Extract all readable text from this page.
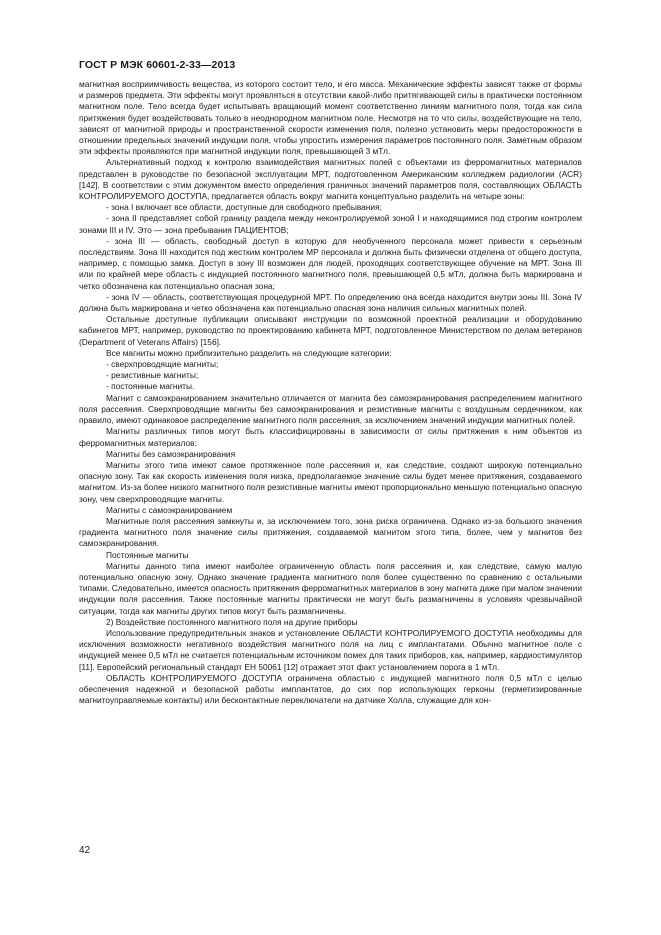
ГОСТ Р МЭК 60601-2-33—2013

магнитная восприимчивость вещества, из которого состоит тело, и его масса. Механические эффекты зависят также от формы и размеров предмета. Эти эффекты могут проявляться в отсутствии какой-либо притягивающей силы в практически постоянном магнитном поле. Тело всегда будет испытывать вращающий момент соответственно линиям магнитного поля, тогда как сила притяжения будет воздействовать только в неоднородном магнитном поле. Несмотря на то что силы, воздействующие на тело, зависят от магнитной природы и пространственной скорости изменения поля, полезно установить меры предосторожности в отношении предельных значений индукции поля, чтобы упростить измерения параметров постоянного поля. Заметным образом эти эффекты проявляются при магнитной индукции поля, превышающей 3 мТл.

Альтернативный подход к контролю взаимодействия магнитных полей с объектами из ферромагнитных материалов представлен в руководстве по безопасной эксплуатации МРТ, подготовленном Американским колледжем радиологии (ACR) [142]. В соответствии с этим документом вместо определения граничных значений параметров поля, составляющих ОБЛАСТЬ КОНТРОЛИРУЕМОГО ДОСТУПА, предлагается область вокруг магнита концептуально разделить на четыре зоны:

- зона I включает все области, доступные для свободного пребывания;

- зона II представляет собой границу раздела между неконтролируемой зоной I и находящимися под строгим контролем зонами III и IV. Это — зона пребывания ПАЦИЕНТОВ;

- зона III — область, свободный доступ в которую для необученного персонала может привести к серьезным последствиям. Зона III находится под жестким контролем МР персонала и должна быть физически отделена от общего доступа, например, с помощью замка. Доступ в зону III возможен для людей, проходящих соответствующее обучение на МРТ. Зона III или по крайней мере область с индукцией постоянного магнитного поля, превышающей 0,5 мТл, должна быть маркирована и четко обозначена как потенциально опасная зона;

- зона IV — область, соответствующая процедурной МРТ. По определению она всегда находится внутри зоны III. Зона IV должна быть маркирована и четко обозначена как потенциально опасная зона наличия сильных магнитных полей.

Остальные доступные публикации описывают инструкции по возможной проектной реализации и оборудованию кабинетов МРТ, например, руководство по проектированию кабинета МРТ, подготовленное Министерством по делам ветеранов (Department of Veterans Affairs) [156].

Все магниты можно приблизительно разделить на следующие категории:

- сверхпроводящие магниты;

- резистивные магниты;

- постоянные магниты.

Магнит с самоэкранированием значительно отличается от магнита без самоэкранирования распределением магнитного поля рассеяния. Сверхпроводящие магниты без самоэкранирования и резистивные магниты с воздушным сердечником, как правило, имеют одинаковое распределение магнитного поля рассеяния, за исключением значений индукции магнитных полей.

Магниты различных типов могут быть классифицированы в зависимости от силы притяжения к ним объектов из ферромагнитных материалов:

Магниты без самоэкранирования

Магниты этого типа имеют самое протяженное поле рассеяния и, как следствие, создают широкую потенциально опасную зону. Так как скорость изменения поля низка, предполагаемое значение силы будет менее притяжения, создаваемого магнитом. Из-за более низкого магнитного поля резистивные магниты имеют пропорционально меньшую потенциально опасную зону, чем сверхпроводящие магниты.

Магниты с самоэкранированием

Магнитные поля рассеяния замкнуты и, за исключением того, зона риска ограничена. Однако из-за большого значения градиента магнитного поля значение силы притяжения, создаваемой магнитом этого типа, более, чем у магнитов без самоэкранирования.

Постоянные магниты

Магниты данного типа имеют наиболее ограниченную область поля рассеяния и, как следствие, самую малую потенциально опасную зону. Однако значение градиента магнитного поля более существенно по сравнению с остальными типами. Следовательно, имеется опасность притяжения ферромагнитных материалов в зону магнита даже при малом значении индукции поля рассеяния. Также постоянные магниты практически не могут быть размагничены в условиях чрезвычайной ситуации, тогда как магниты других типов могут быть размагничены.

2) Воздействие постоянного магнитного поля на другие приборы

Использование предупредительных знаков и установление ОБЛАСТИ КОНТРОЛИРУЕМОГО ДОСТУПА необходимы для исключения возможности негативного воздействия магнитного поля на лиц с имплантатами. Обычно магнитное поле с индукцией менее 0,5 мТл не считается потенциальным источником помех для таких приборов, как, например, кардиостимулятор [11]. Европейский региональный стандарт ЕН 50061 [12] отражает этот факт установлением порога в 1 мТл.

ОБЛАСТЬ КОНТРОЛИРУЕМОГО ДОСТУПА ограничена областью с индукцией магнитного поля 0,5 мТл с целью обеспечения надежной и безопасной работы имплантатов, до сих пор использующих герконы (герметизированные магнитоуправляемые контакты) или бесконтактные переключатели на датчике Холла, служащие для кон-

42
